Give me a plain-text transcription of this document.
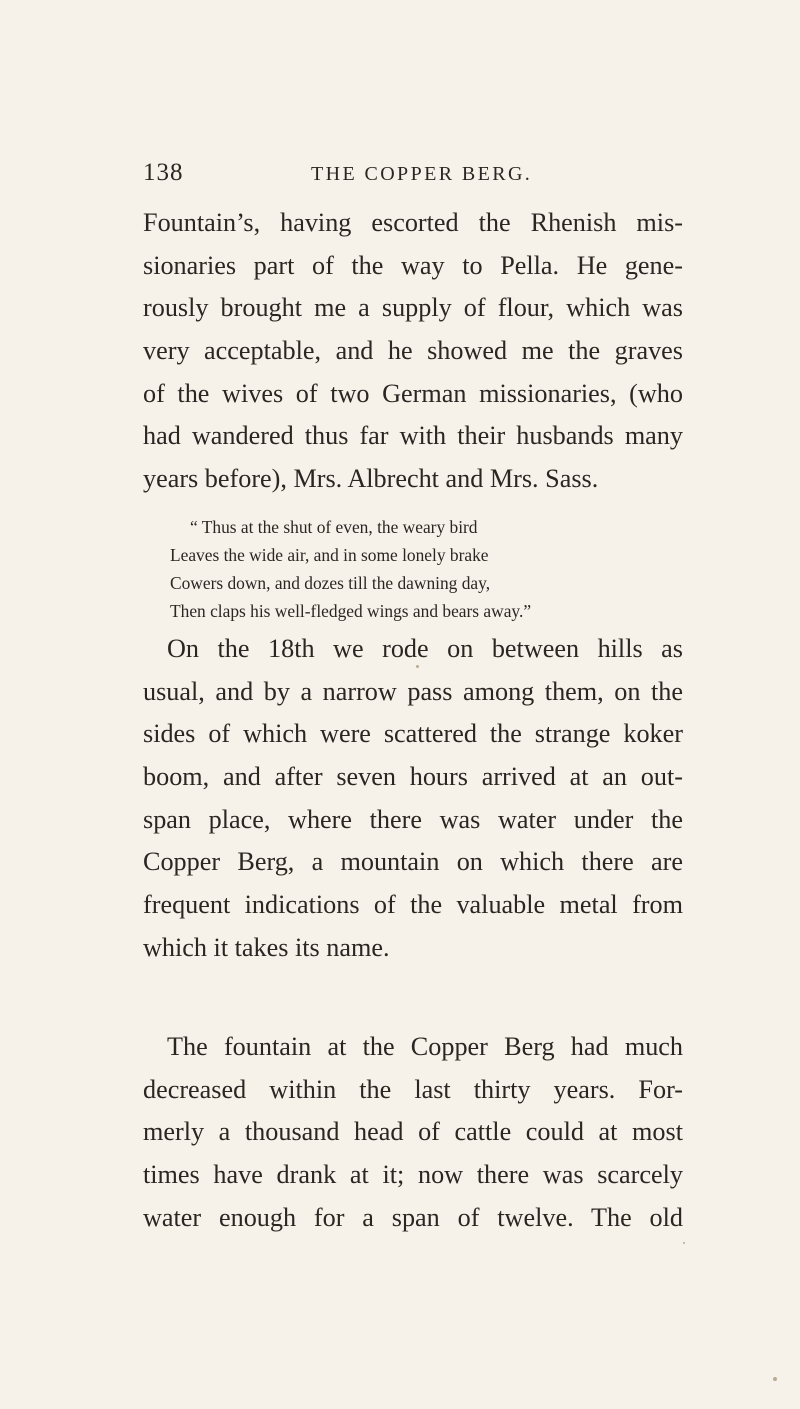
138	THE COPPER BERG.
Fountain’s, having escorted the Rhenish mis-
sionaries part of the way to Pella. He gene-
rously brought me a supply of flour, which was
very acceptable, and he showed me the graves
of the wives of two German missionaries, (who
had wandered thus far with their husbands many
years before), Mrs. Albrecht and Mrs. Sass.
“ Thus at the shut of even, the weary bird
Leaves the wide air, and in some lonely brake
Cowers down, and dozes till the dawning day,
Then claps his well-fledged wings and bears away.”
On the 18th we rode on between hills as
usual, and by a narrow pass among them, on the
sides of which were scattered the strange koker
boom, and after seven hours arrived at an out-
span place, where there was water under the
Copper Berg, a mountain on which there are
frequent indications of the valuable metal from
which it takes its name.
The fountain at the Copper Berg had much
decreased within the last thirty years. For-
merly a thousand head of cattle could at most
times have drank at it; now there was scarcely
water enough for a span of twelve. The old
